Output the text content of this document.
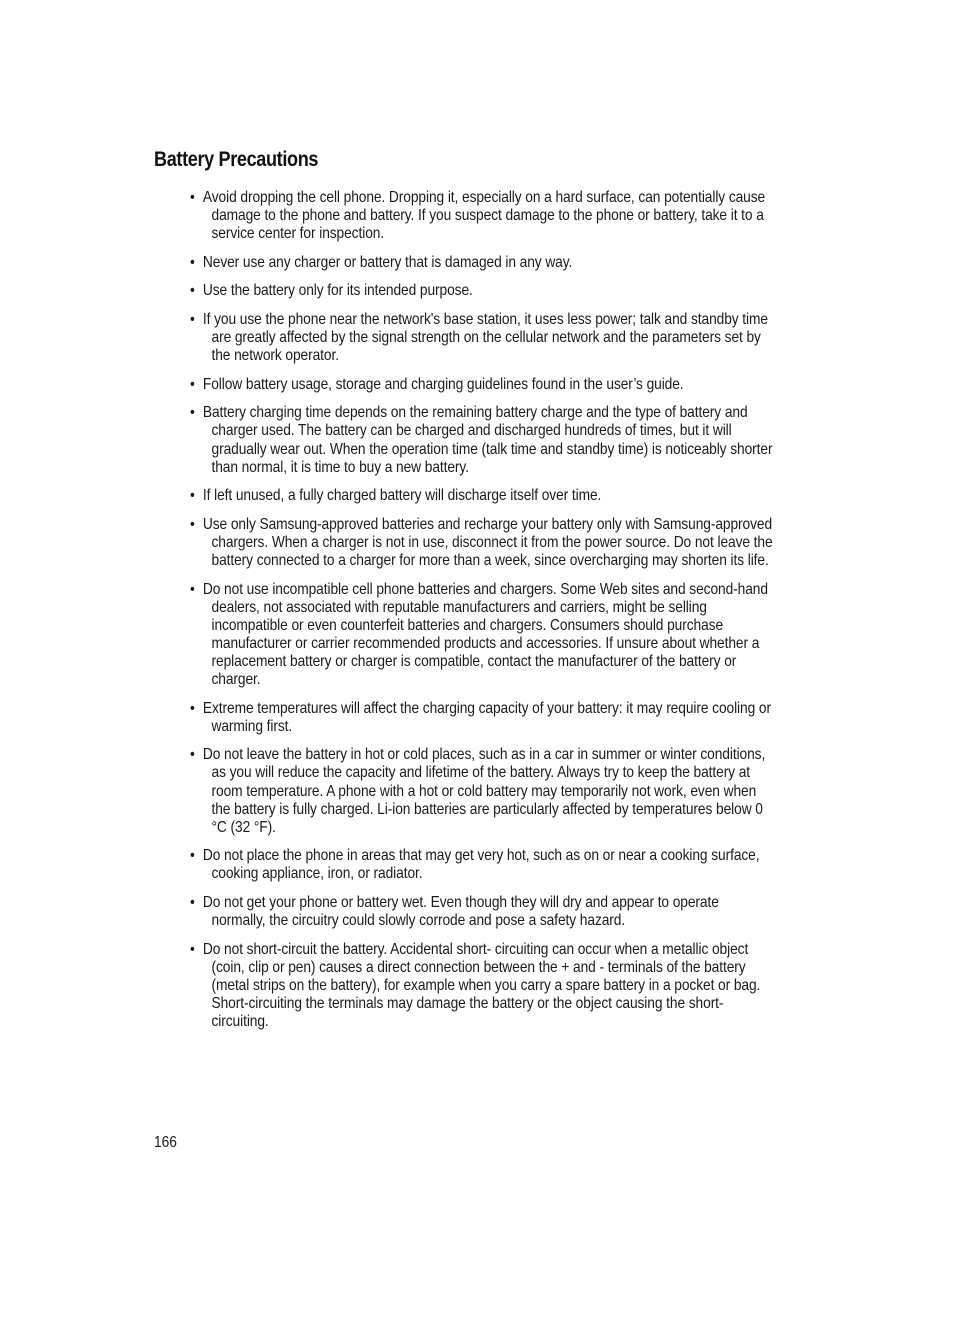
Battery Precautions
• Avoid dropping the cell phone. Dropping it, especially on a hard surface, can potentially cause damage to the phone and battery. If you suspect damage to the phone or battery, take it to a service center for inspection.
• Never use any charger or battery that is damaged in any way.
• Use the battery only for its intended purpose.
• If you use the phone near the network's base station, it uses less power; talk and standby time are greatly affected by the signal strength on the cellular network and the parameters set by the network operator.
• Follow battery usage, storage and charging guidelines found in the user’s guide.
• Battery charging time depends on the remaining battery charge and the type of battery and charger used. The battery can be charged and discharged hundreds of times, but it will gradually wear out. When the operation time (talk time and standby time) is noticeably shorter than normal, it is time to buy a new battery.
• If left unused, a fully charged battery will discharge itself over time.
• Use only Samsung-approved batteries and recharge your battery only with Samsung-approved chargers. When a charger is not in use, disconnect it from the power source. Do not leave the battery connected to a charger for more than a week, since overcharging may shorten its life.
• Do not use incompatible cell phone batteries and chargers. Some Web sites and second-hand dealers, not associated with reputable manufacturers and carriers, might be selling incompatible or even counterfeit batteries and chargers. Consumers should purchase manufacturer or carrier recommended products and accessories. If unsure about whether a replacement battery or charger is compatible, contact the manufacturer of the battery or charger.
• Extreme temperatures will affect the charging capacity of your battery: it may require cooling or warming first.
• Do not leave the battery in hot or cold places, such as in a car in summer or winter conditions, as you will reduce the capacity and lifetime of the battery. Always try to keep the battery at room temperature. A phone with a hot or cold battery may temporarily not work, even when the battery is fully charged. Li-ion batteries are particularly affected by temperatures below 0 °C (32 °F).
• Do not place the phone in areas that may get very hot, such as on or near a cooking surface, cooking appliance, iron, or radiator.
• Do not get your phone or battery wet. Even though they will dry and appear to operate normally, the circuitry could slowly corrode and pose a safety hazard.
• Do not short-circuit the battery. Accidental short- circuiting can occur when a metallic object (coin, clip or pen) causes a direct connection between the + and - terminals of the battery (metal strips on the battery), for example when you carry a spare battery in a pocket or bag. Short-circuiting the terminals may damage the battery or the object causing the short-circuiting.
166
